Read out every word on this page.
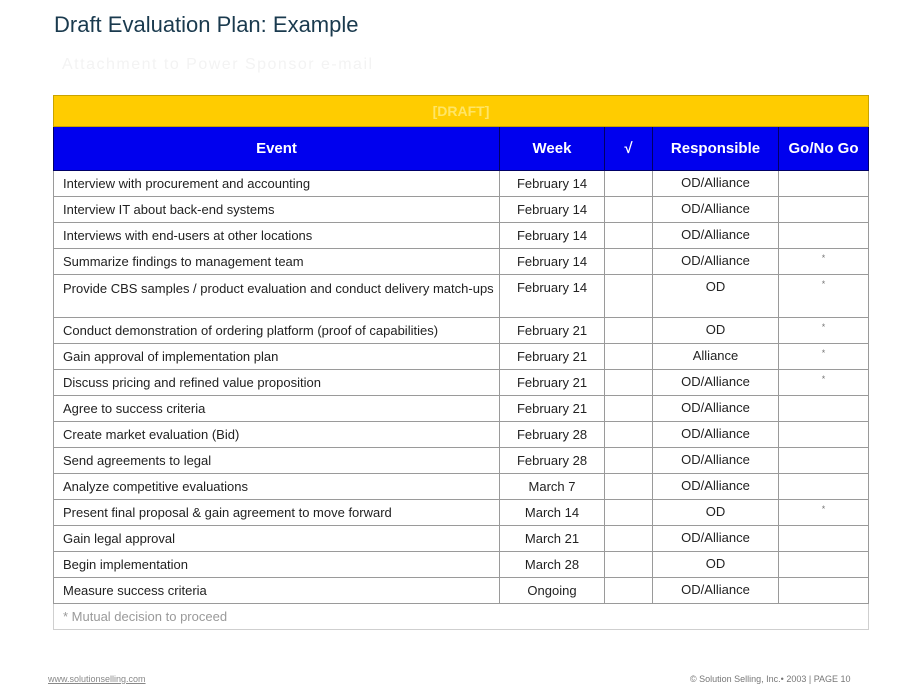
Draft Evaluation Plan: Example
Attachment to Power Sponsor e-mail
[DRAFT]				
Event	Week	√	Responsible	Go/No Go
Interview with procurement and accounting	February 14		OD/Alliance	
Interview IT about back-end systems	February 14		OD/Alliance	
Interviews with end-users at other locations	February 14		OD/Alliance	
Summarize findings to management team	February 14		OD/Alliance	*
Provide CBS samples / product evaluation and conduct delivery match-ups	February 14		OD	*
Conduct demonstration of ordering platform (proof of capabilities)	February 21		OD	*
Gain approval of implementation plan	February 21		Alliance	*
Discuss pricing and refined value proposition	February 21		OD/Alliance	*
Agree to success criteria	February 21		OD/Alliance	
Create market evaluation (Bid)	February 28		OD/Alliance	
Send agreements to legal	February 28		OD/Alliance	
Analyze competitive evaluations	March 7		OD/Alliance	
Present final proposal & gain agreement to move forward	March 14		OD	*
Gain legal approval	March 21		OD/Alliance	
Begin implementation	March 28		OD	
Measure success criteria	Ongoing		OD/Alliance	
* Mutual decision to proceed				
www.solutionselling.com	© Solution Selling, Inc.• 2003 | PAGE 10
